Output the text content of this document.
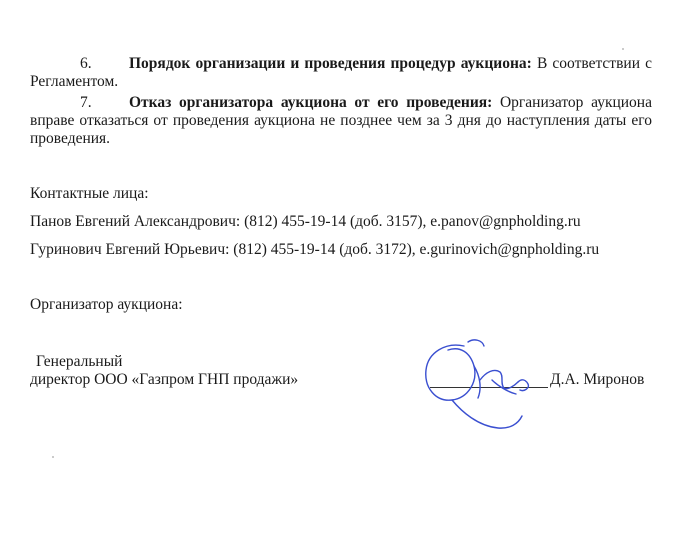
6. Порядок организации и проведения процедур аукциона: В соответствии с Регламентом.
7. Отказ организатора аукциона от его проведения: Организатор аукциона вправе отказаться от проведения аукциона не позднее чем за 3 дня до наступления даты его проведения.
Контактные лица:
Панов Евгений Александрович: (812) 455-19-14 (доб. 3157), e.panov@gnpholding.ru
Гуринович Евгений Юрьевич: (812) 455-19-14 (доб. 3172), e.gurinovich@gnpholding.ru
Организатор аукциона:
Генеральный
директор ООО «Газпром ГНП продажи»	Д.А. Миронов
